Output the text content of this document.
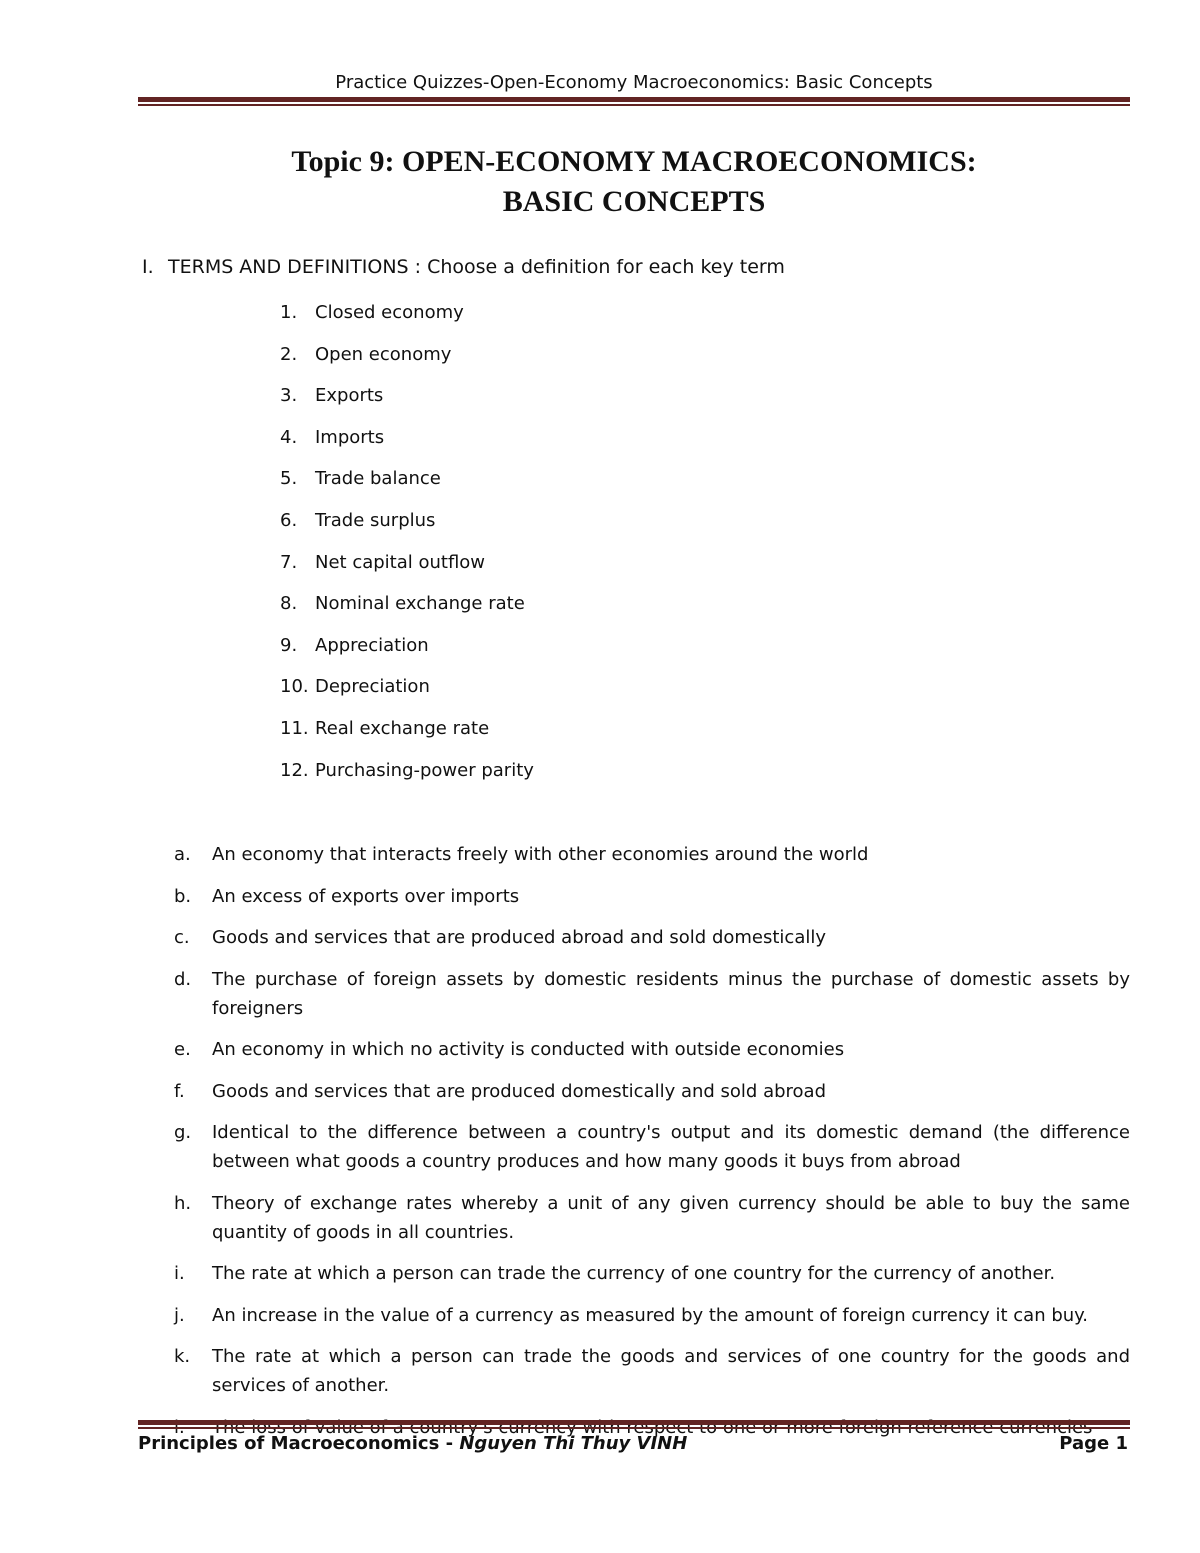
Practice Quizzes-Open-Economy Macroeconomics: Basic Concepts
Topic 9: OPEN-ECONOMY MACROECONOMICS:
BASIC CONCEPTS
I. TERMS AND DEFINITIONS : Choose a definition for each key term
1. Closed economy
2. Open economy
3. Exports
4. Imports
5. Trade balance
6. Trade surplus
7. Net capital outflow
8. Nominal exchange rate
9. Appreciation
10. Depreciation
11. Real exchange rate
12. Purchasing-power parity
a. An economy that interacts freely with other economies around the world
b. An excess of exports over imports
c. Goods and services that are produced abroad and sold domestically
d. The purchase of foreign assets by domestic residents minus the purchase of domestic assets by foreigners
e. An economy in which no activity is conducted with outside economies
f. Goods and services that are produced domestically and sold abroad
g. Identical to the difference between a country's output and its domestic demand (the difference between what goods a country produces and how many goods it buys from abroad
h. Theory of exchange rates whereby a unit of any given currency should be able to buy the same quantity of goods in all countries.
i. The rate at which a person can trade the currency of one country for the currency of another.
j. An increase in the value of a currency as measured by the amount of foreign currency it can buy.
k. The rate at which a person can trade the goods and services of one country for the goods and services of another.
Principles of Macroeconomics - Nguyen Thi Thuy VINH	Page 1
